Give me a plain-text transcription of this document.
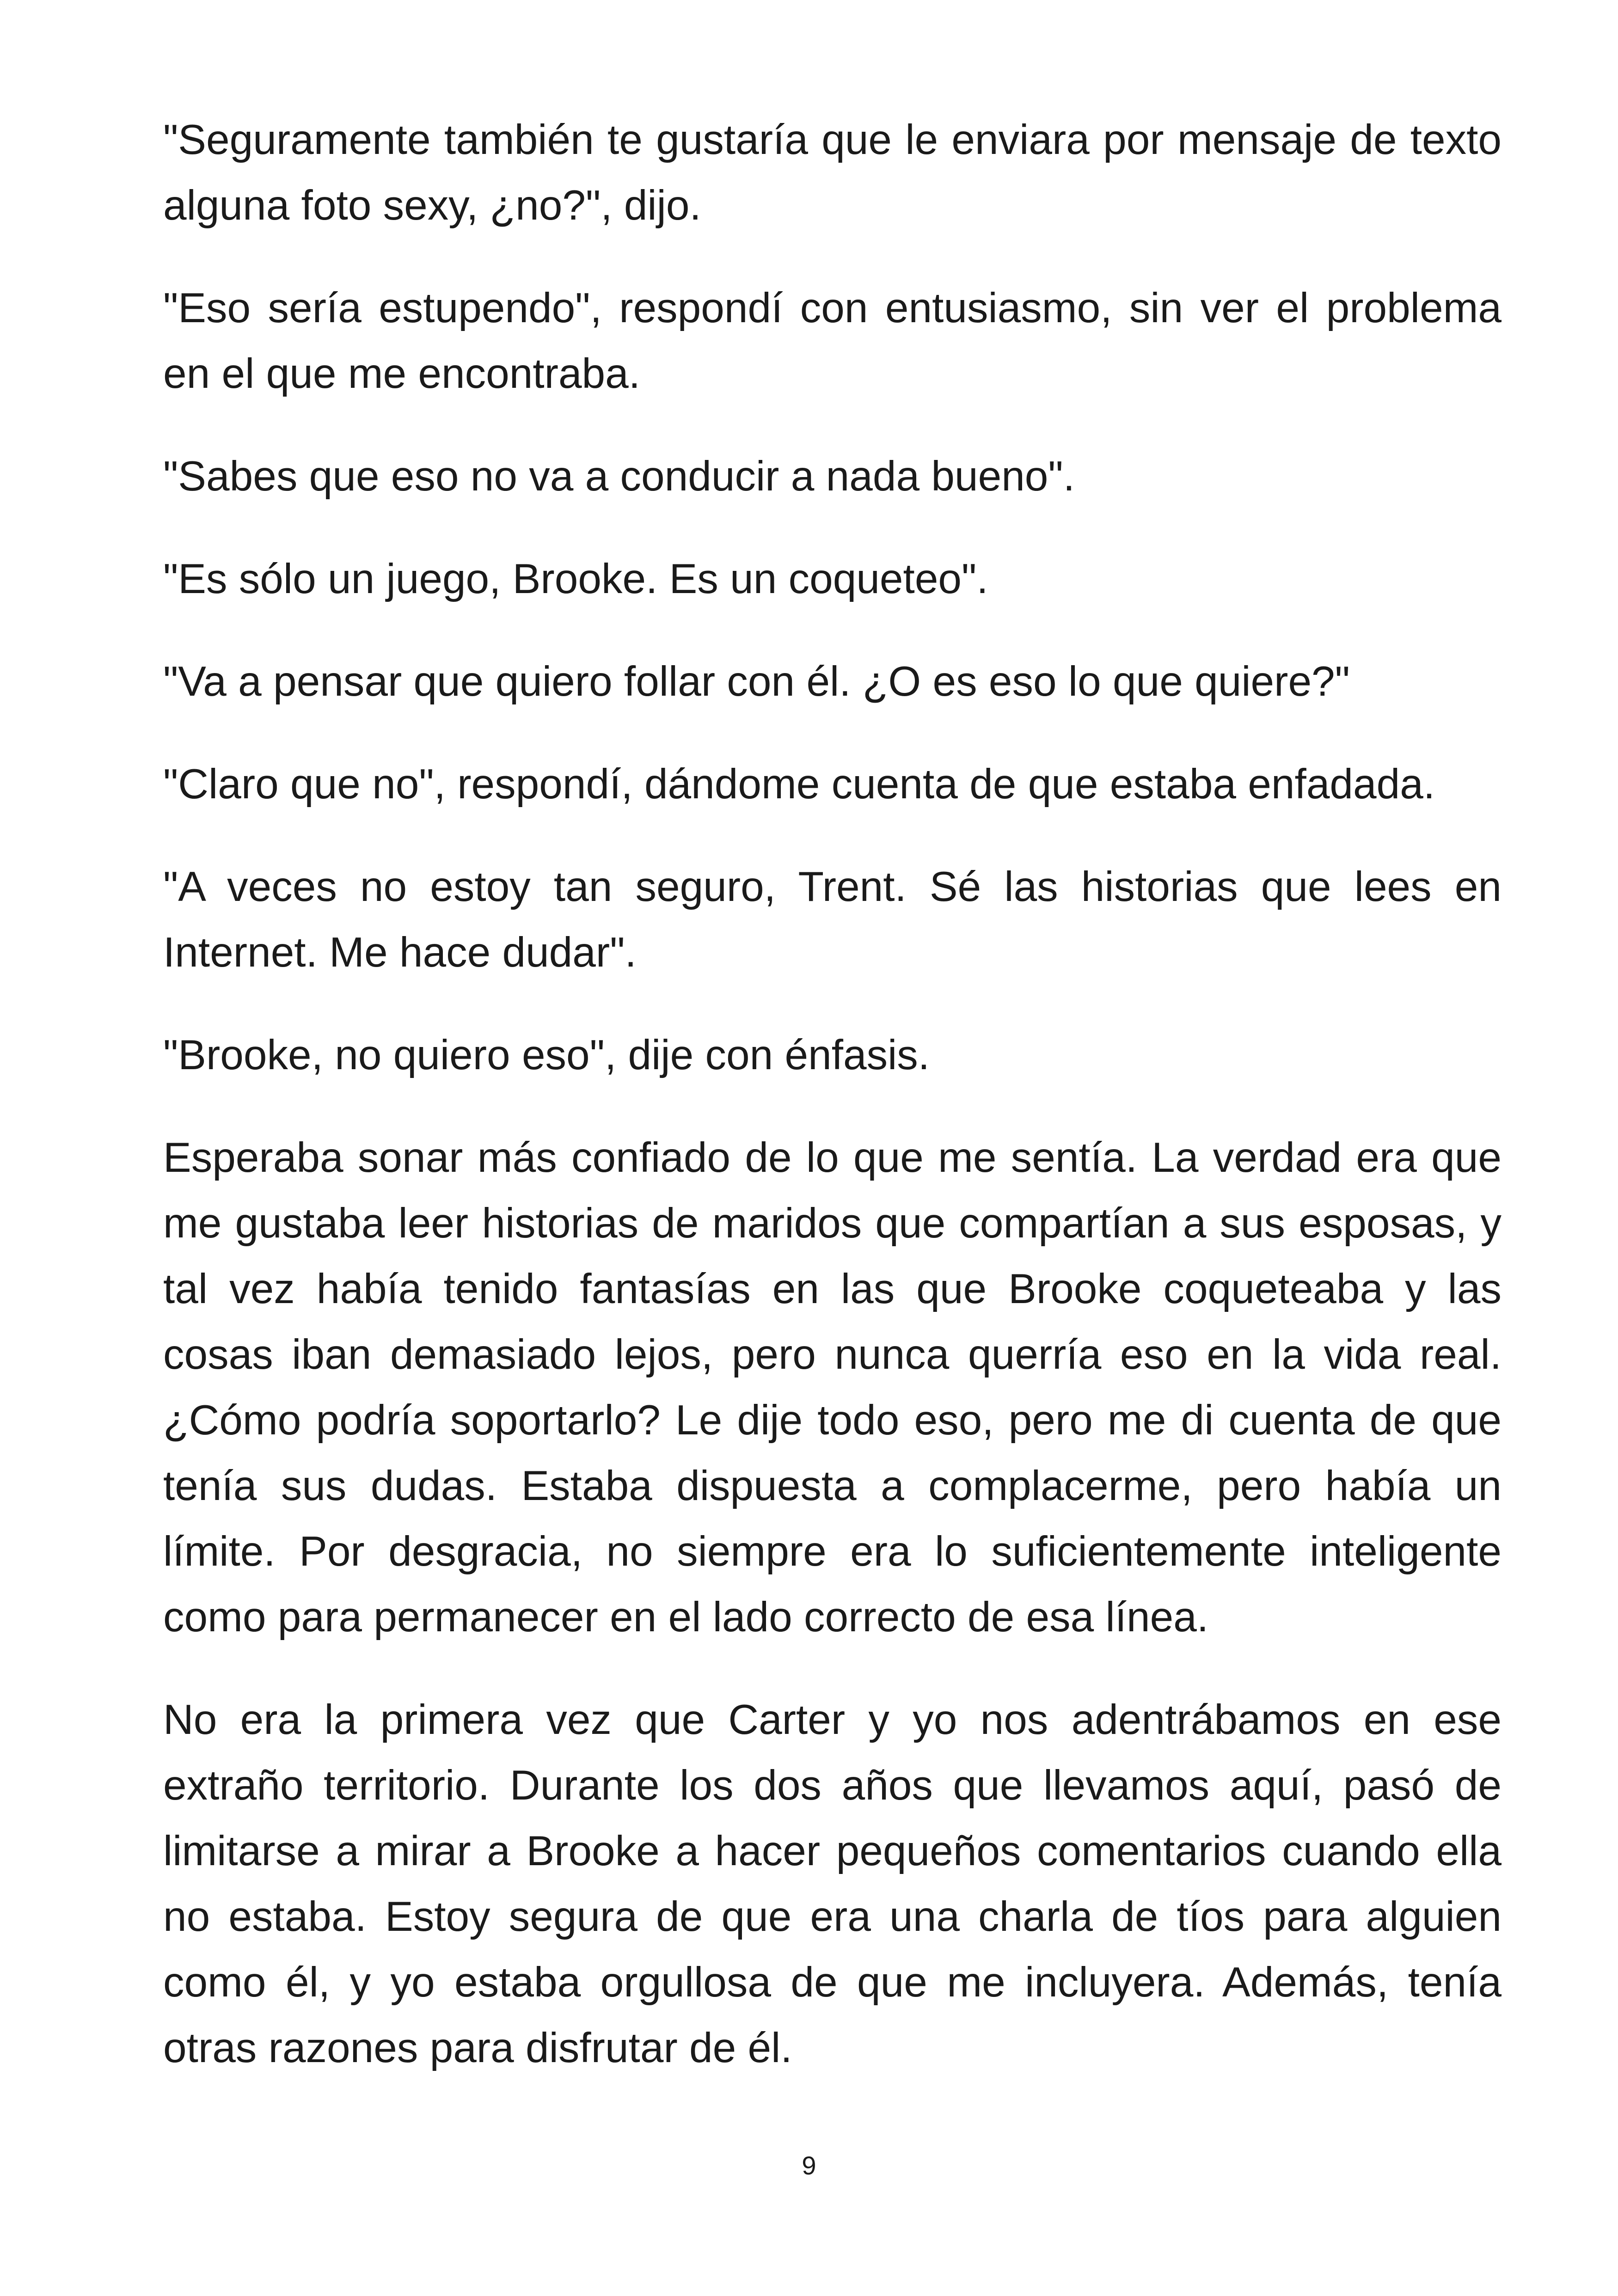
"Seguramente también te gustaría que le enviara por mensaje de texto alguna foto sexy, ¿no?", dijo.

"Eso sería estupendo", respondí con entusiasmo, sin ver el problema en el que me encontraba.

"Sabes que eso no va a conducir a nada bueno".

"Es sólo un juego, Brooke. Es un coqueteo".

"Va a pensar que quiero follar con él. ¿O es eso lo que quiere?"

"Claro que no", respondí, dándome cuenta de que estaba enfadada.

"A veces no estoy tan seguro, Trent. Sé las historias que lees en Internet. Me hace dudar".

"Brooke, no quiero eso", dije con énfasis.

Esperaba sonar más confiado de lo que me sentía. La verdad era que me gustaba leer historias de maridos que compartían a sus esposas, y tal vez había tenido fantasías en las que Brooke coqueteaba y las cosas iban demasiado lejos, pero nunca querría eso en la vida real. ¿Cómo podría soportarlo? Le dije todo eso, pero me di cuenta de que tenía sus dudas. Estaba dispuesta a complacerme, pero había un límite. Por desgracia, no siempre era lo suficientemente inteligente como para permanecer en el lado correcto de esa línea.

No era la primera vez que Carter y yo nos adentrábamos en ese extraño territorio. Durante los dos años que llevamos aquí, pasó de limitarse a mirar a Brooke a hacer pequeños comentarios cuando ella no estaba. Estoy segura de que era una charla de tíos para alguien como él, y yo estaba orgullosa de que me incluyera. Además, tenía otras razones para disfrutar de él.

9
